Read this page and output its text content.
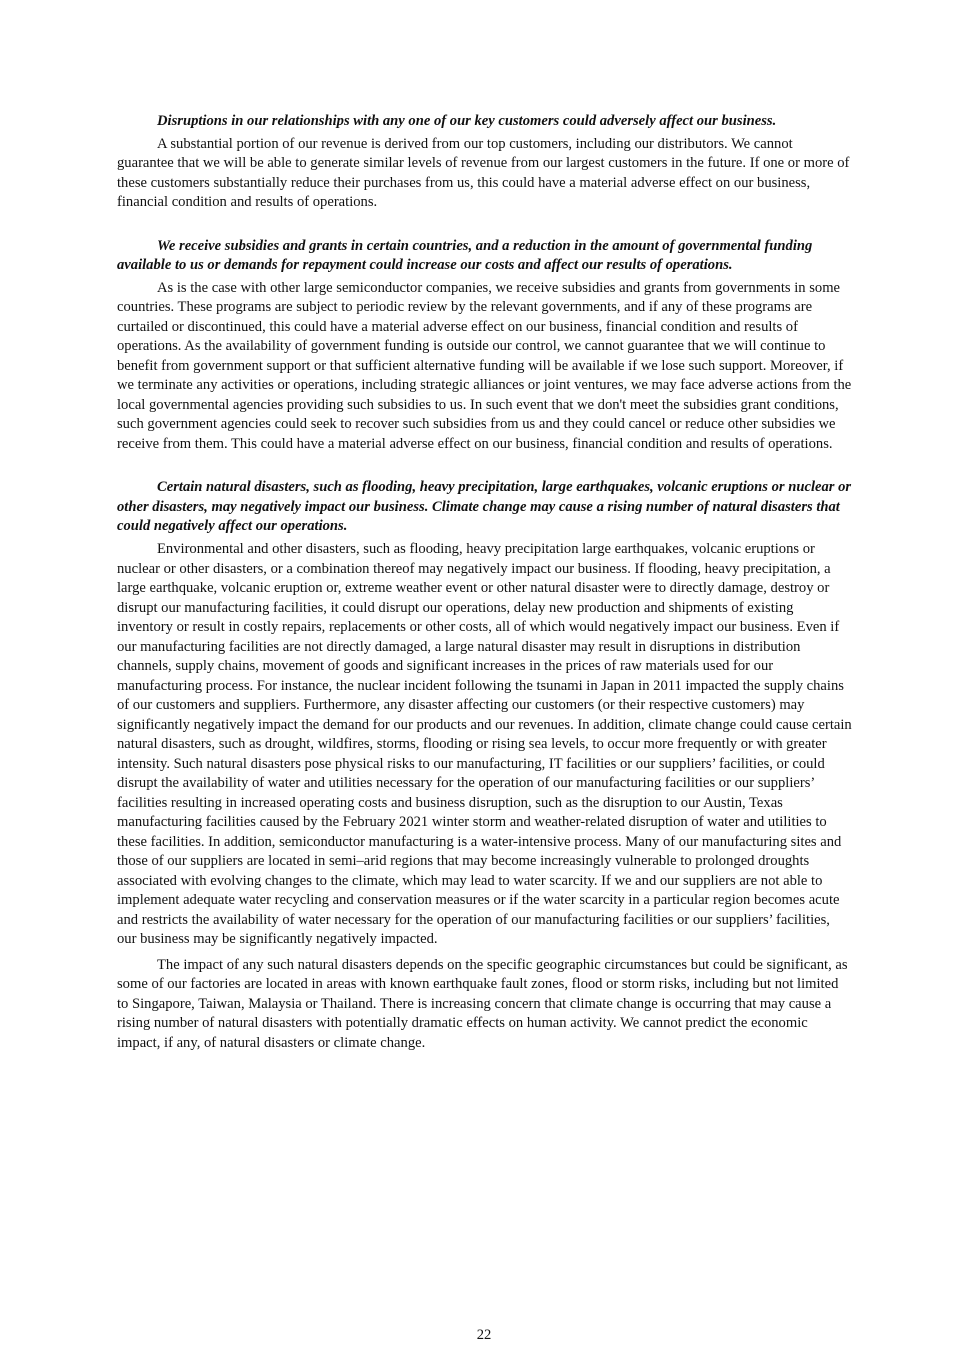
Disruptions in our relationships with any one of our key customers could adversely affect our business.

A substantial portion of our revenue is derived from our top customers, including our distributors. We cannot guarantee that we will be able to generate similar levels of revenue from our largest customers in the future. If one or more of these customers substantially reduce their purchases from us, this could have a material adverse effect on our business, financial condition and results of operations.

We receive subsidies and grants in certain countries, and a reduction in the amount of governmental funding available to us or demands for repayment could increase our costs and affect our results of operations.

As is the case with other large semiconductor companies, we receive subsidies and grants from governments in some countries. These programs are subject to periodic review by the relevant governments, and if any of these programs are curtailed or discontinued, this could have a material adverse effect on our business, financial condition and results of operations. As the availability of government funding is outside our control, we cannot guarantee that we will continue to benefit from government support or that sufficient alternative funding will be available if we lose such support. Moreover, if we terminate any activities or operations, including strategic alliances or joint ventures, we may face adverse actions from the local governmental agencies providing such subsidies to us. In such event that we don't meet the subsidies grant conditions, such government agencies could seek to recover such subsidies from us and they could cancel or reduce other subsidies we receive from them. This could have a material adverse effect on our business, financial condition and results of operations.

Certain natural disasters, such as flooding, heavy precipitation, large earthquakes, volcanic eruptions or nuclear or other disasters, may negatively impact our business. Climate change may cause a rising number of natural disasters that could negatively affect our operations.

Environmental and other disasters, such as flooding, heavy precipitation large earthquakes, volcanic eruptions or nuclear or other disasters, or a combination thereof may negatively impact our business. If flooding, heavy precipitation, a large earthquake, volcanic eruption or, extreme weather event or other natural disaster were to directly damage, destroy or disrupt our manufacturing facilities, it could disrupt our operations, delay new production and shipments of existing inventory or result in costly repairs, replacements or other costs, all of which would negatively impact our business. Even if our manufacturing facilities are not directly damaged, a large natural disaster may result in disruptions in distribution channels, supply chains, movement of goods and significant increases in the prices of raw materials used for our manufacturing process. For instance, the nuclear incident following the tsunami in Japan in 2011 impacted the supply chains of our customers and suppliers. Furthermore, any disaster affecting our customers (or their respective customers) may significantly negatively impact the demand for our products and our revenues. In addition, climate change could cause certain natural disasters, such as drought, wildfires, storms, flooding or rising sea levels, to occur more frequently or with greater intensity. Such natural disasters pose physical risks to our manufacturing, IT facilities or our suppliers’ facilities, or could disrupt the availability of water and utilities necessary for the operation of our manufacturing facilities or our suppliers’ facilities resulting in increased operating costs and business disruption, such as the disruption to our Austin, Texas manufacturing facilities caused by the February 2021 winter storm and weather-related disruption of water and utilities to these facilities. In addition, semiconductor manufacturing is a water-intensive process. Many of our manufacturing sites and those of our suppliers are located in semi–arid regions that may become increasingly vulnerable to prolonged droughts associated with evolving changes to the climate, which may lead to water scarcity. If we and our suppliers are not able to implement adequate water recycling and conservation measures or if the water scarcity in a particular region becomes acute and restricts the availability of water necessary for the operation of our manufacturing facilities or our suppliers’ facilities, our business may be significantly negatively impacted.

The impact of any such natural disasters depends on the specific geographic circumstances but could be significant, as some of our factories are located in areas with known earthquake fault zones, flood or storm risks, including but not limited to Singapore, Taiwan, Malaysia or Thailand. There is increasing concern that climate change is occurring that may cause a rising number of natural disasters with potentially dramatic effects on human activity. We cannot predict the economic impact, if any, of natural disasters or climate change.

22
